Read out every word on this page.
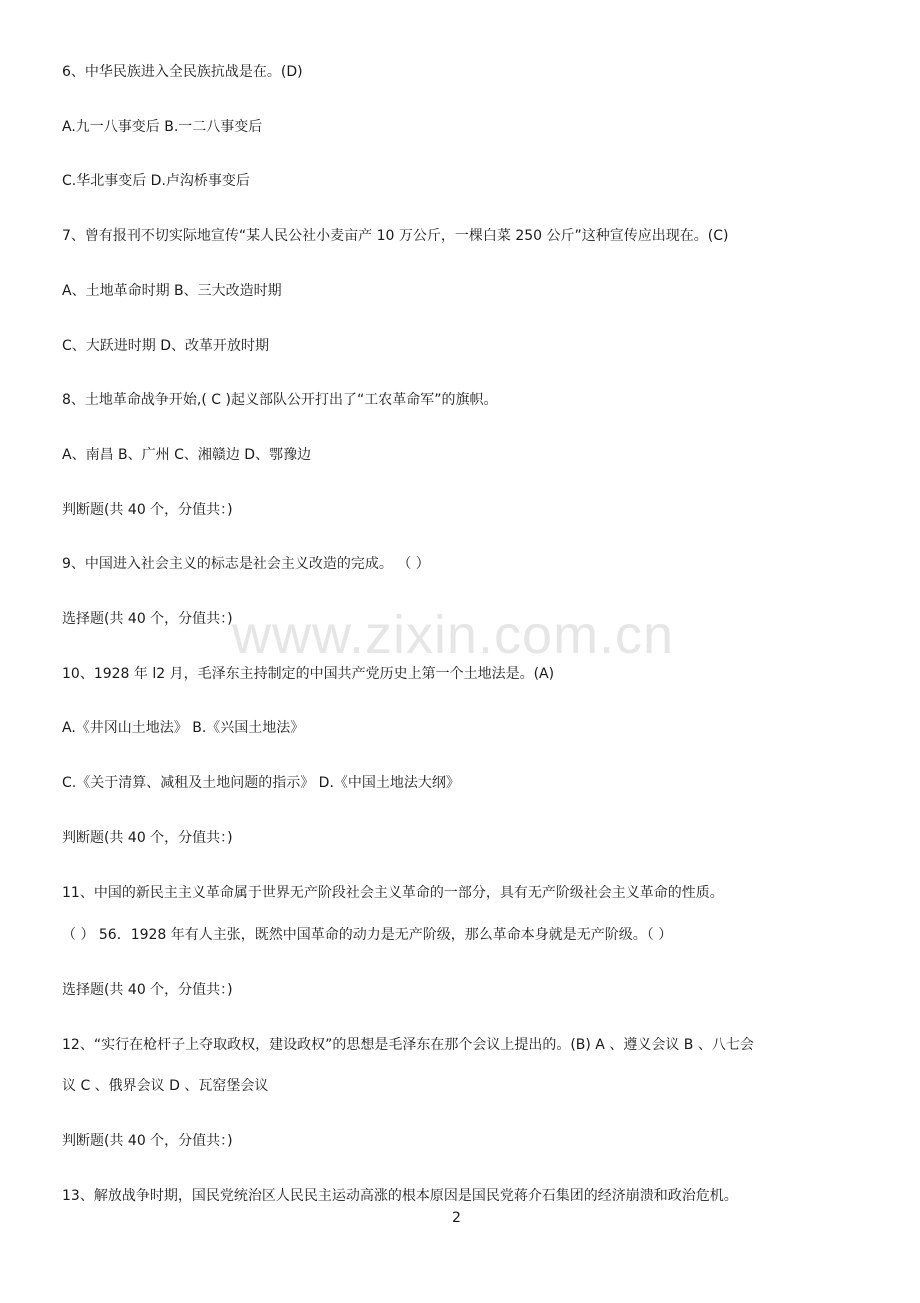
www.zixin.com.cn

6、中华民族进入全民族抗战是在。(D)

A.九一八事变后 B.一二八事变后

C.华北事变后 D.卢沟桥事变后

7、曾有报刊不切实际地宣传“某人民公社小麦亩产 10 万公斤，一棵白菜 250 公斤”这种宣传应出现在。(C)

A、土地革命时期 B、三大改造时期

C、大跃进时期 D、改革开放时期

8、土地革命战争开始,( C )起义部队公开打出了“工农革命军”的旗帜。

A、南昌 B、广州 C、湘赣边 D、鄂豫边

判断题(共 40 个，分值共：)

9、中国进入社会主义的标志是社会主义改造的完成。 （ ）

选择题(共 40 个，分值共：)

10、1928 年 l2 月，毛泽东主持制定的中国共产党历史上第一个土地法是。(A)

A.《井冈山土地法》 B.《兴国土地法》

C.《关于清算、减租及土地问题的指示》 D.《中国土地法大纲》

判断题(共 40 个，分值共：)

11、中国的新民主主义革命属于世界无产阶段社会主义革命的一部分，具有无产阶级社会主义革命的性质。

（ ） 56．1928 年有人主张，既然中国革命的动力是无产阶级，那么革命本身就是无产阶级。（ ）

选择题(共 40 个，分值共：)

12、“实行在枪杆子上夺取政权，建设政权”的思想是毛泽东在那个会议上提出的。(B) A 、遵义会议 B 、八七会

议 C 、俄界会议 D 、瓦窑堡会议

判断题(共 40 个，分值共：)

13、解放战争时期，国民党统治区人民民主运动高涨的根本原因是国民党蒋介石集团的经济崩溃和政治危机。

2
